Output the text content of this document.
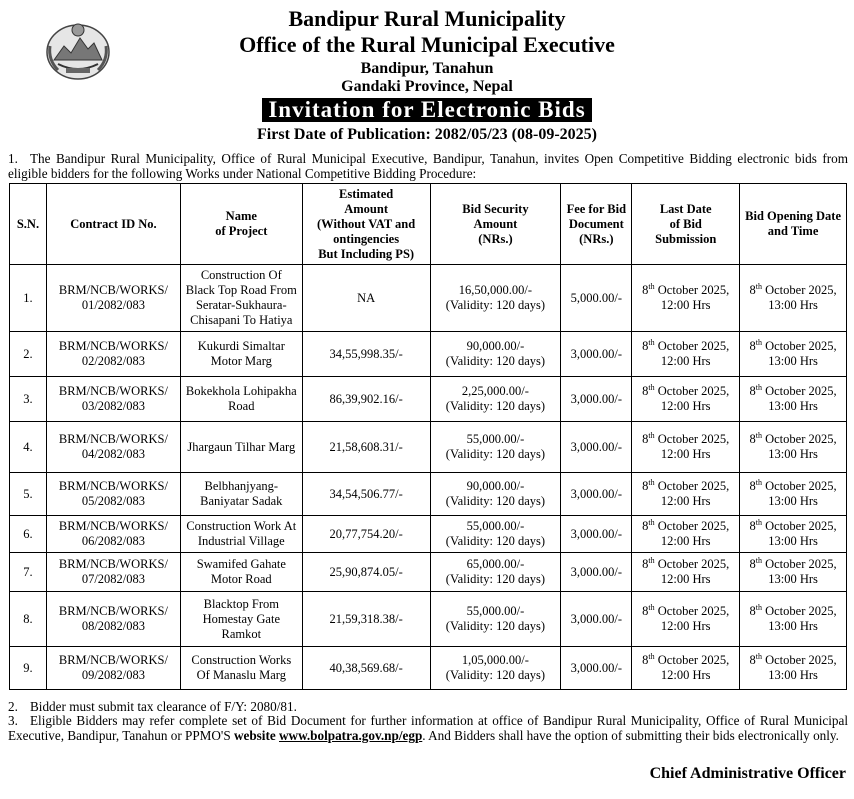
Bandipur Rural Municipality
Office of the Rural Municipal Executive
Bandipur, Tanahun
Gandaki Province, Nepal
Invitation for Electronic Bids
First Date of Publication: 2082/05/23 (08-09-2025)
1. The Bandipur Rural Municipality, Office of Rural Municipal Executive, Bandipur, Tanahun, invites Open Competitive Bidding electronic bids from eligible bidders for the following Works under National Competitive Bidding Procedure:
S.N.	Contract ID No.	Name
of Project	Estimated
Amount
(Without VAT and
ontingencies
But Including PS)	Bid Security
Amount
(NRs.)	Fee for Bid
Document
(NRs.)	Last Date
of Bid
Submission	Bid Opening Date
and Time
1.	BRM/NCB/WORKS/
01/2082/083	Construction Of
Black Top Road From
Seratar-Sukhaura-
Chisapani To Hatiya	NA	16,50,000.00/-
(Validity: 120 days)	5,000.00/-	8th October 2025,
12:00 Hrs	8th October 2025,
13:00 Hrs
2.	BRM/NCB/WORKS/
02/2082/083	Kukurdi Simaltar
Motor Marg	34,55,998.35/-	90,000.00/-
(Validity: 120 days)	3,000.00/-	8th October 2025,
12:00 Hrs	8th October 2025,
13:00 Hrs
3.	BRM/NCB/WORKS/
03/2082/083	Bokekhola Lohipakha
Road	86,39,902.16/-	2,25,000.00/-
(Validity: 120 days)	3,000.00/-	8th October 2025,
12:00 Hrs	8th October 2025,
13:00 Hrs
4.	BRM/NCB/WORKS/
04/2082/083	Jhargaun Tilhar Marg	21,58,608.31/-	55,000.00/-
(Validity: 120 days)	3,000.00/-	8th October 2025,
12:00 Hrs	8th October 2025,
13:00 Hrs
5.	BRM/NCB/WORKS/
05/2082/083	Belbhanjyang-
Baniyatar Sadak	34,54,506.77/-	90,000.00/-
(Validity: 120 days)	3,000.00/-	8th October 2025,
12:00 Hrs	8th October 2025,
13:00 Hrs
6.	BRM/NCB/WORKS/
06/2082/083	Construction Work At
Industrial Village	20,77,754.20/-	55,000.00/-
(Validity: 120 days)	3,000.00/-	8th October 2025,
12:00 Hrs	8th October 2025,
13:00 Hrs
7.	BRM/NCB/WORKS/
07/2082/083	Swamifed Gahate
Motor Road	25,90,874.05/-	65,000.00/-
(Validity: 120 days)	3,000.00/-	8th October 2025,
12:00 Hrs	8th October 2025,
13:00 Hrs
8.	BRM/NCB/WORKS/
08/2082/083	Blacktop From
Homestay Gate
Ramkot	21,59,318.38/-	55,000.00/-
(Validity: 120 days)	3,000.00/-	8th October 2025,
12:00 Hrs	8th October 2025,
13:00 Hrs
9.	BRM/NCB/WORKS/
09/2082/083	Construction Works
Of Manaslu Marg	40,38,569.68/-	1,05,000.00/-
(Validity: 120 days)	3,000.00/-	8th October 2025,
12:00 Hrs	8th October 2025,
13:00 Hrs
2. Bidder must submit tax clearance of F/Y: 2080/81.
3. Eligible Bidders may refer complete set of Bid Document for further information at office of Bandipur Rural Municipality, Office of Rural Municipal Executive, Bandipur, Tanahun or PPMO'S website www.bolpatra.gov.np/egp. And Bidders shall have the option of submitting their bids electronically only.
Chief Administrative Officer
